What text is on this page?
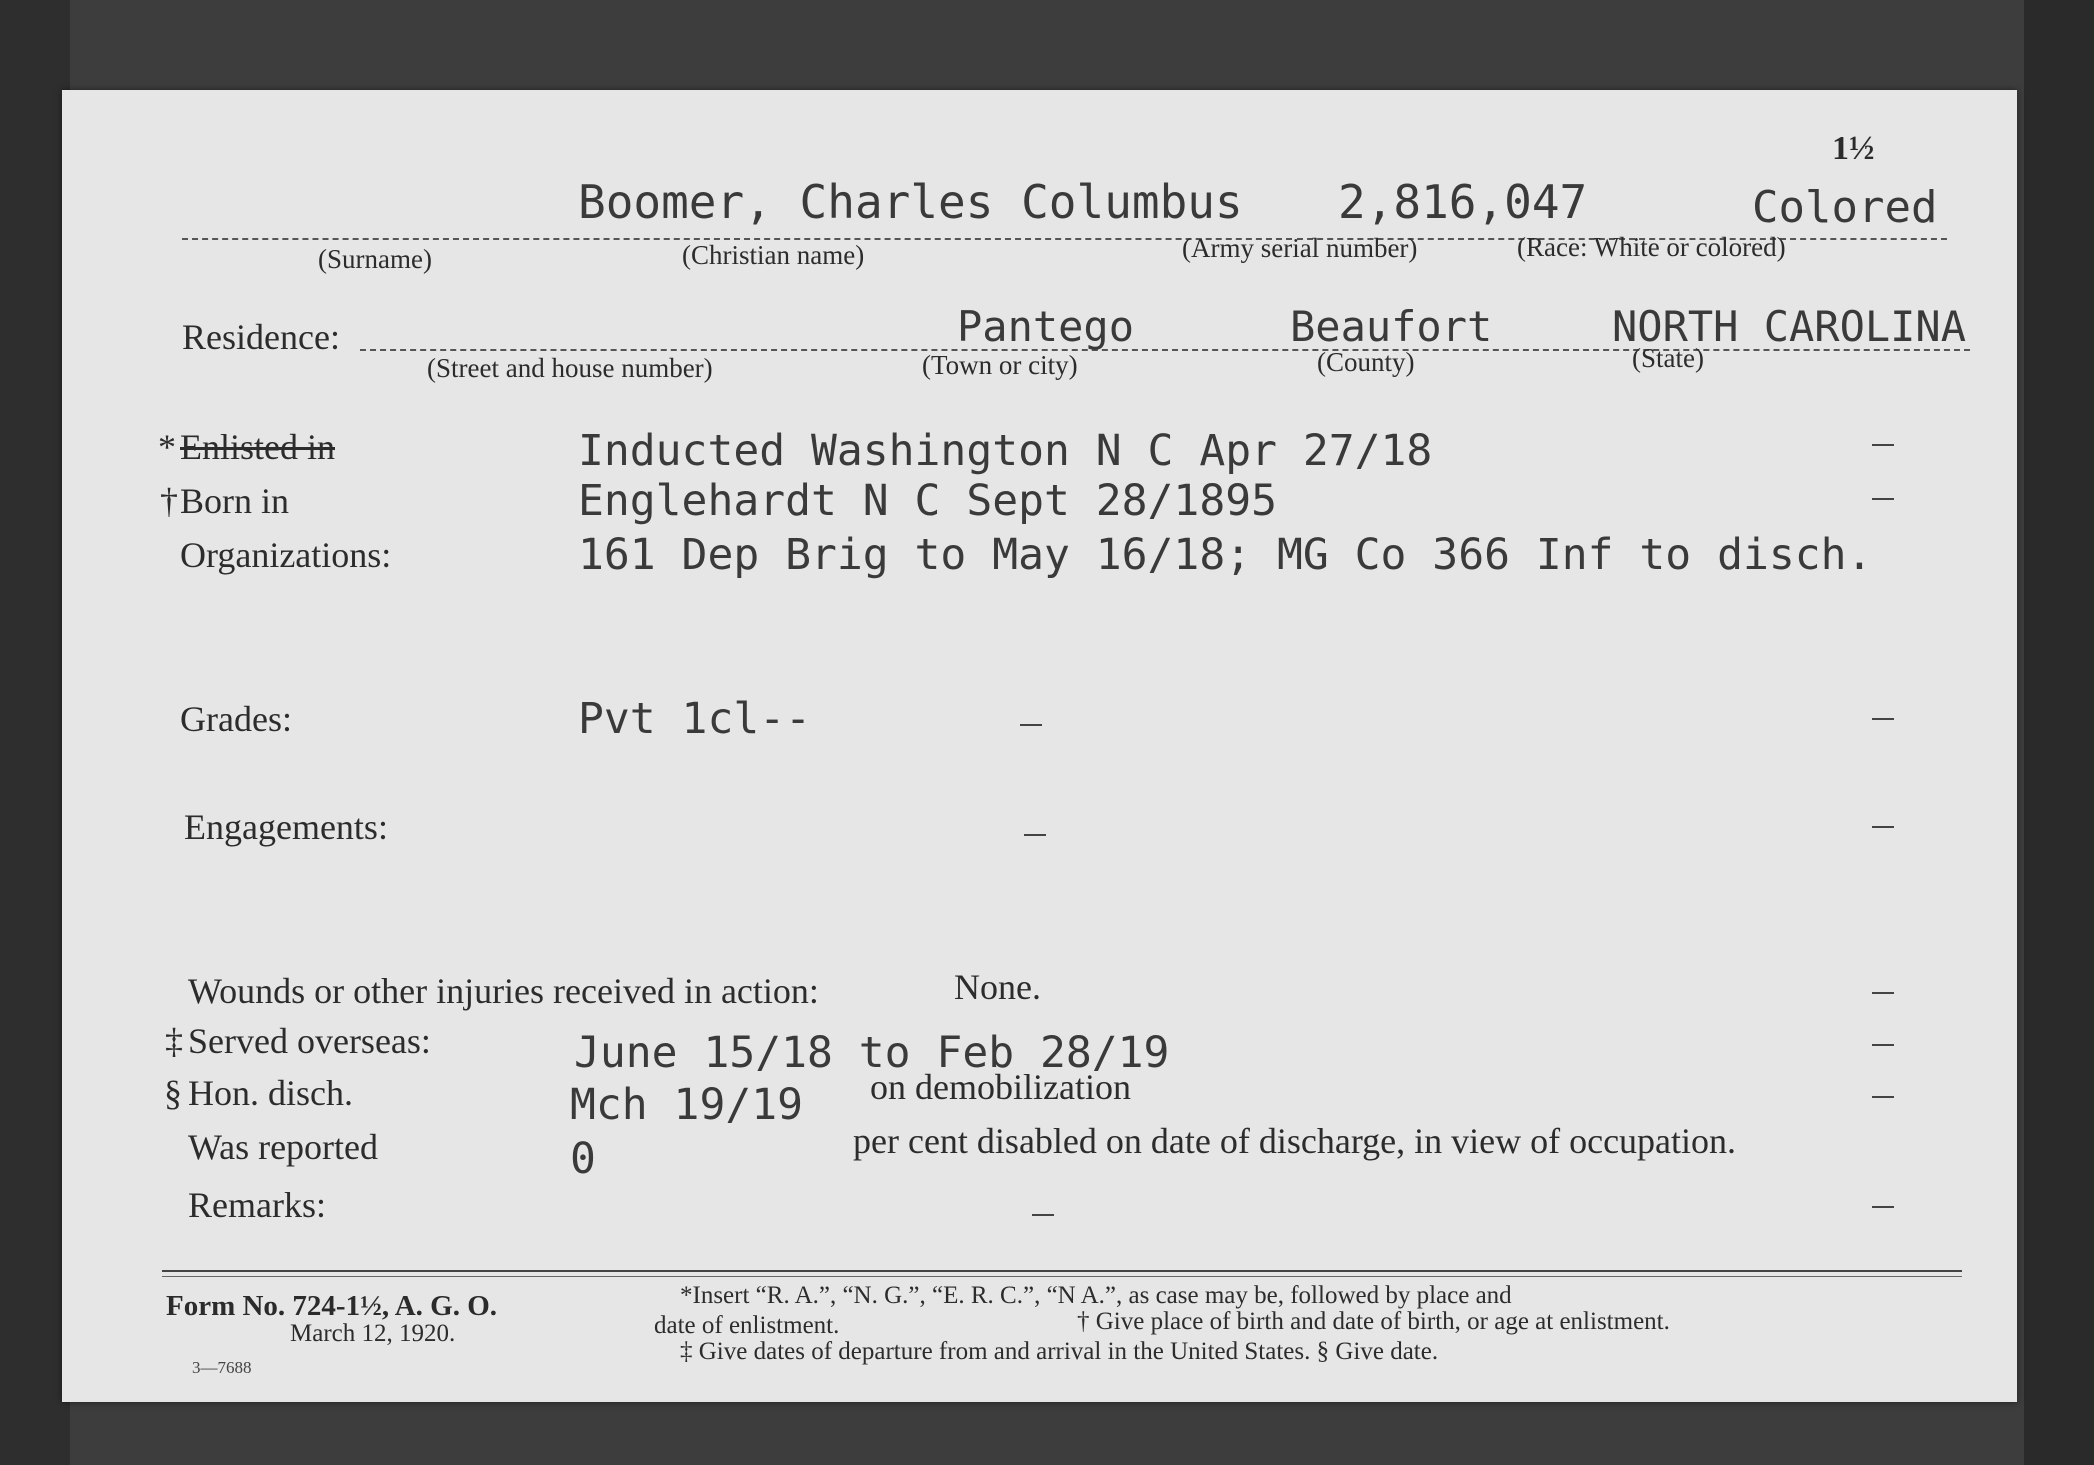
1½
Boomer, Charles Columbus 2,816,047	Colored
(Surname)	(Christian name)	(Army serial number)	(Race: White or colored)
Residence:	Pantego	Beaufort	NORTH CAROLINA
(Street and house number)	(Town or city)	(County)	(State)
* Enlisted in	Inducted Washington N C Apr 27/18
† Born in	Englehardt N C Sept 28/1895
Organizations:	161 Dep Brig to May 16/18; MG Co 366 Inf to disch.
Grades:	Pvt 1cl--
Engagements:
Wounds or other injuries received in action:	None.
‡ Served overseas:	June 15/18 to Feb 28/19
§ Hon. disch.	Mch 19/19 on demobilization
Was reported	0	per cent disabled on date of discharge, in view of occupation.
Remarks:
Form No. 724-1½, A. G. O.
March 12, 1920.
3—7688
*Insert “R. A.”, “N. G.”, “E. R. C.”, “N A.”, as case may be, followed by place and
date of enlistment.	† Give place of birth and date of birth, or age at enlistment.
‡ Give dates of departure from and arrival in the United States. § Give date.
